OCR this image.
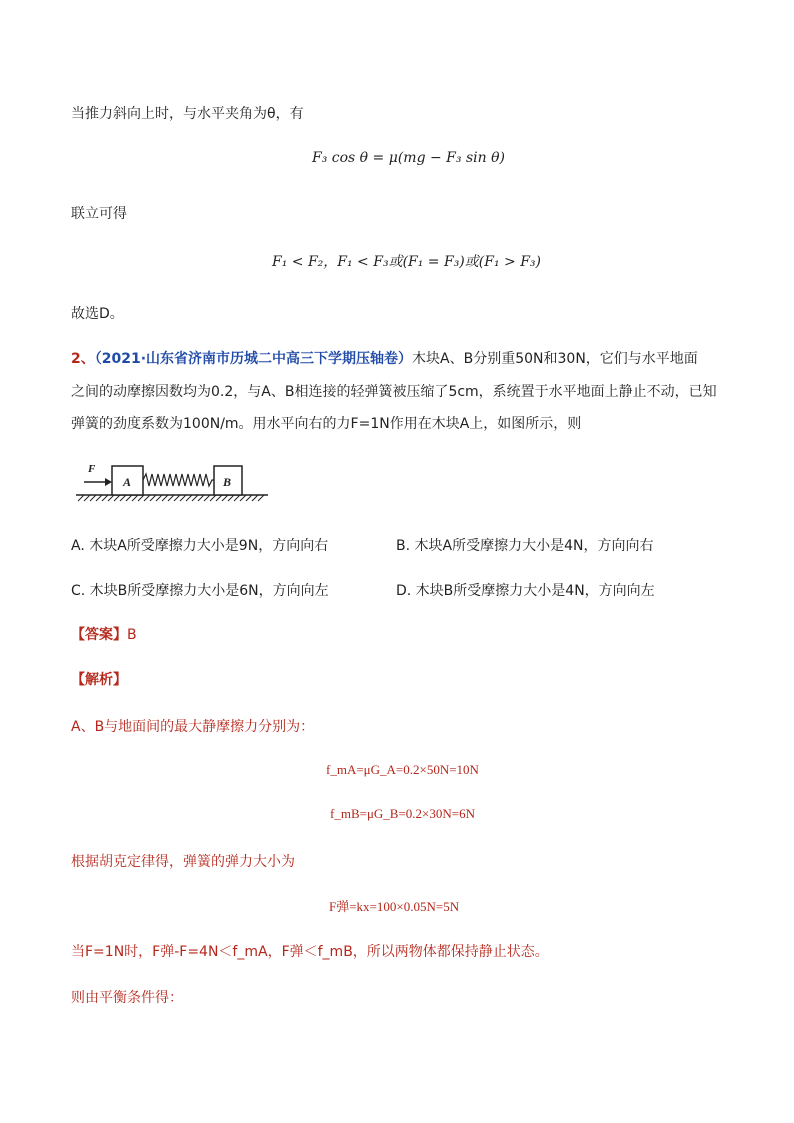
当推力斜向上时，与水平夹角为θ，有
F₃ cos θ = μ(mg − F₃ sin θ)
联立可得
F₁ < F₂，F₁ < F₃或(F₁ = F₃)或(F₁ > F₃)
故选D。
2、（2021·山东省济南市历城二中高三下学期压轴卷）木块A、B分别重50N和30N，它们与水平地面
之间的动摩擦因数均为0.2，与A、B相连接的轻弹簧被压缩了5cm，系统置于水平地面上静止不动，已知
弹簧的劲度系数为100N/m。用水平向右的力F=1N作用在木块A上，如图所示，则
A	B
F
A. 木块A所受摩擦力大小是9N，方向向右	B. 木块A所受摩擦力大小是4N，方向向右
C. 木块B所受摩擦力大小是6N，方向向左	D. 木块B所受摩擦力大小是4N，方向向左
【答案】B
【解析】
A、B与地面间的最大静摩擦力分别为：
f_mA=μG_A=0.2×50N=10N
f_mB=μG_B=0.2×30N=6N
根据胡克定律得，弹簧的弹力大小为
F弹=kx=100×0.05N=5N
当F=1N时，F弹-F=4N＜f_mA，F弹＜f_mB，所以两物体都保持静止状态。
则由平衡条件得：
